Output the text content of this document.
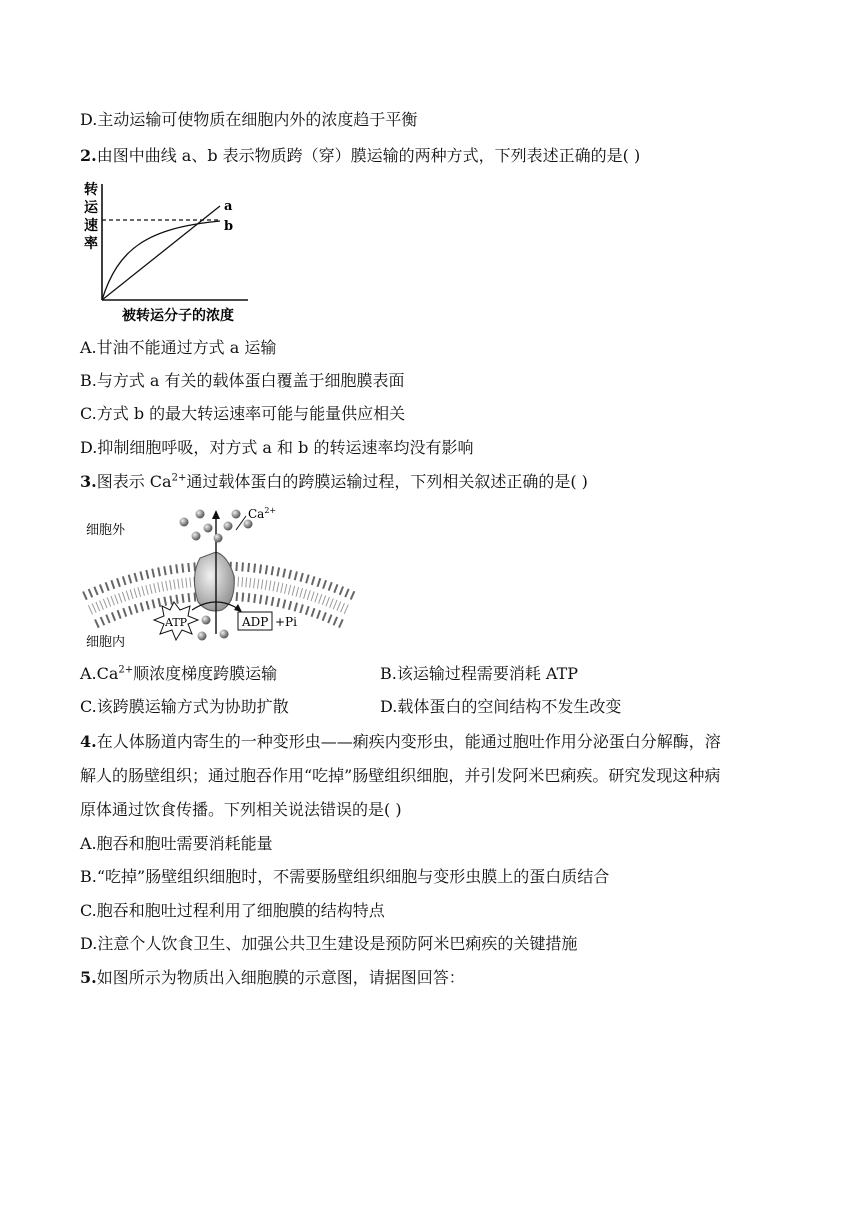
D.主动运输可使物质在细胞内外的浓度趋于平衡
2.由图中曲线 a、b 表示物质跨（穿）膜运输的两种方式，下列表述正确的是( )
a
b
转
运
速
率
被转运分子的浓度
A.甘油不能通过方式 a 运输
B.与方式 a 有关的载体蛋白覆盖于细胞膜表面
C.方式 b 的最大转运速率可能与能量供应相关
D.抑制细胞呼吸，对方式 a 和 b 的转运速率均没有影响
3.图表示 $Ca^{2+}$通过载体蛋白的跨膜运输过程，下列相关叙述正确的是( )
细胞外
细胞内
$Ca^{2+}$
ATP	ADP +Pi
$A.Ca^{2+}$顺浓度梯度跨膜运输	B.该运输过程需要消耗 ATP
C.该跨膜运输方式为协助扩散	D.载体蛋白的空间结构不发生改变
4.在人体肠道内寄生的一种变形虫——痢疾内变形虫，能通过胞吐作用分泌蛋白分解酶，溶
解人的肠壁组织；通过胞吞作用“吃掉”肠壁组织细胞，并引发阿米巴痢疾。研究发现这种病
原体通过饮食传播。下列相关说法错误的是( )
A.胞吞和胞吐需要消耗能量
B.“吃掉”肠壁组织细胞时，不需要肠壁组织细胞与变形虫膜上的蛋白质结合
C.胞吞和胞吐过程利用了细胞膜的结构特点
D.注意个人饮食卫生、加强公共卫生建设是预防阿米巴痢疾的关键措施
5.如图所示为物质出入细胞膜的示意图，请据图回答：
